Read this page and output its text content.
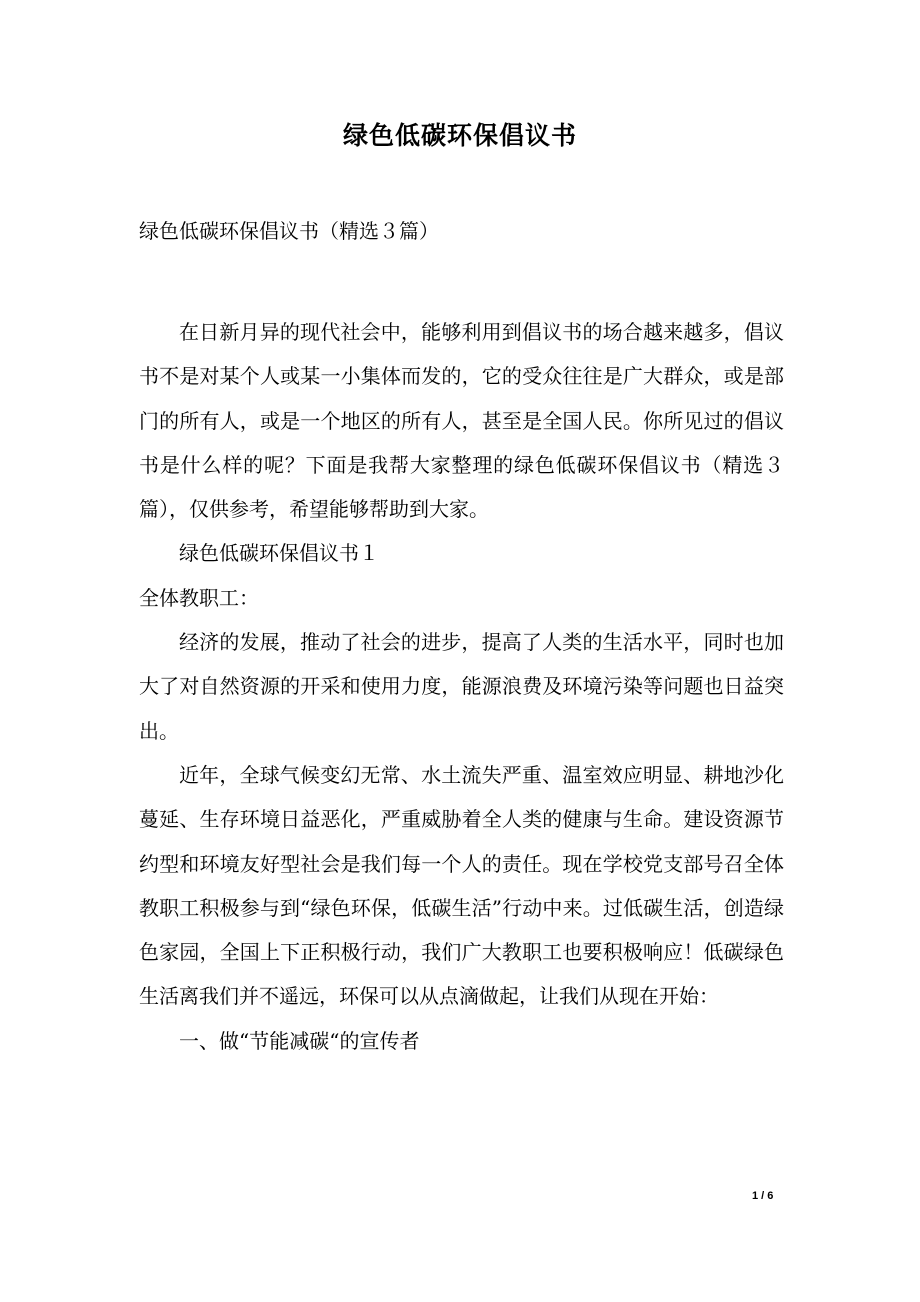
绿色低碳环保倡议书
绿色低碳环保倡议书（精选３篇）

在日新月异的现代社会中，能够利用到倡议书的场合越来越多，倡议书不是对某个人或某一小集体而发的，它的受众往往是广大群众，或是部门的所有人，或是一个地区的所有人，甚至是全国人民。你所见过的倡议书是什么样的呢？下面是我帮大家整理的绿色低碳环保倡议书（精选３篇），仅供参考，希望能够帮助到大家。

绿色低碳环保倡议书１

全体教职工：

经济的发展，推动了社会的进步，提高了人类的生活水平，同时也加大了对自然资源的开采和使用力度，能源浪费及环境污染等问题也日益突出。

近年，全球气候变幻无常、水土流失严重、温室效应明显、耕地沙化蔓延、生存环境日益恶化，严重威胁着全人类的健康与生命。建设资源节约型和环境友好型社会是我们每一个人的责任。现在学校党支部号召全体教职工积极参与到“绿色环保，低碳生活”行动中来。过低碳生活，创造绿色家园，全国上下正积极行动，我们广大教职工也要积极响应！低碳绿色生活离我们并不遥远，环保可以从点滴做起，让我们从现在开始：

一、做“节能减碳“的宣传者

1 / 6
